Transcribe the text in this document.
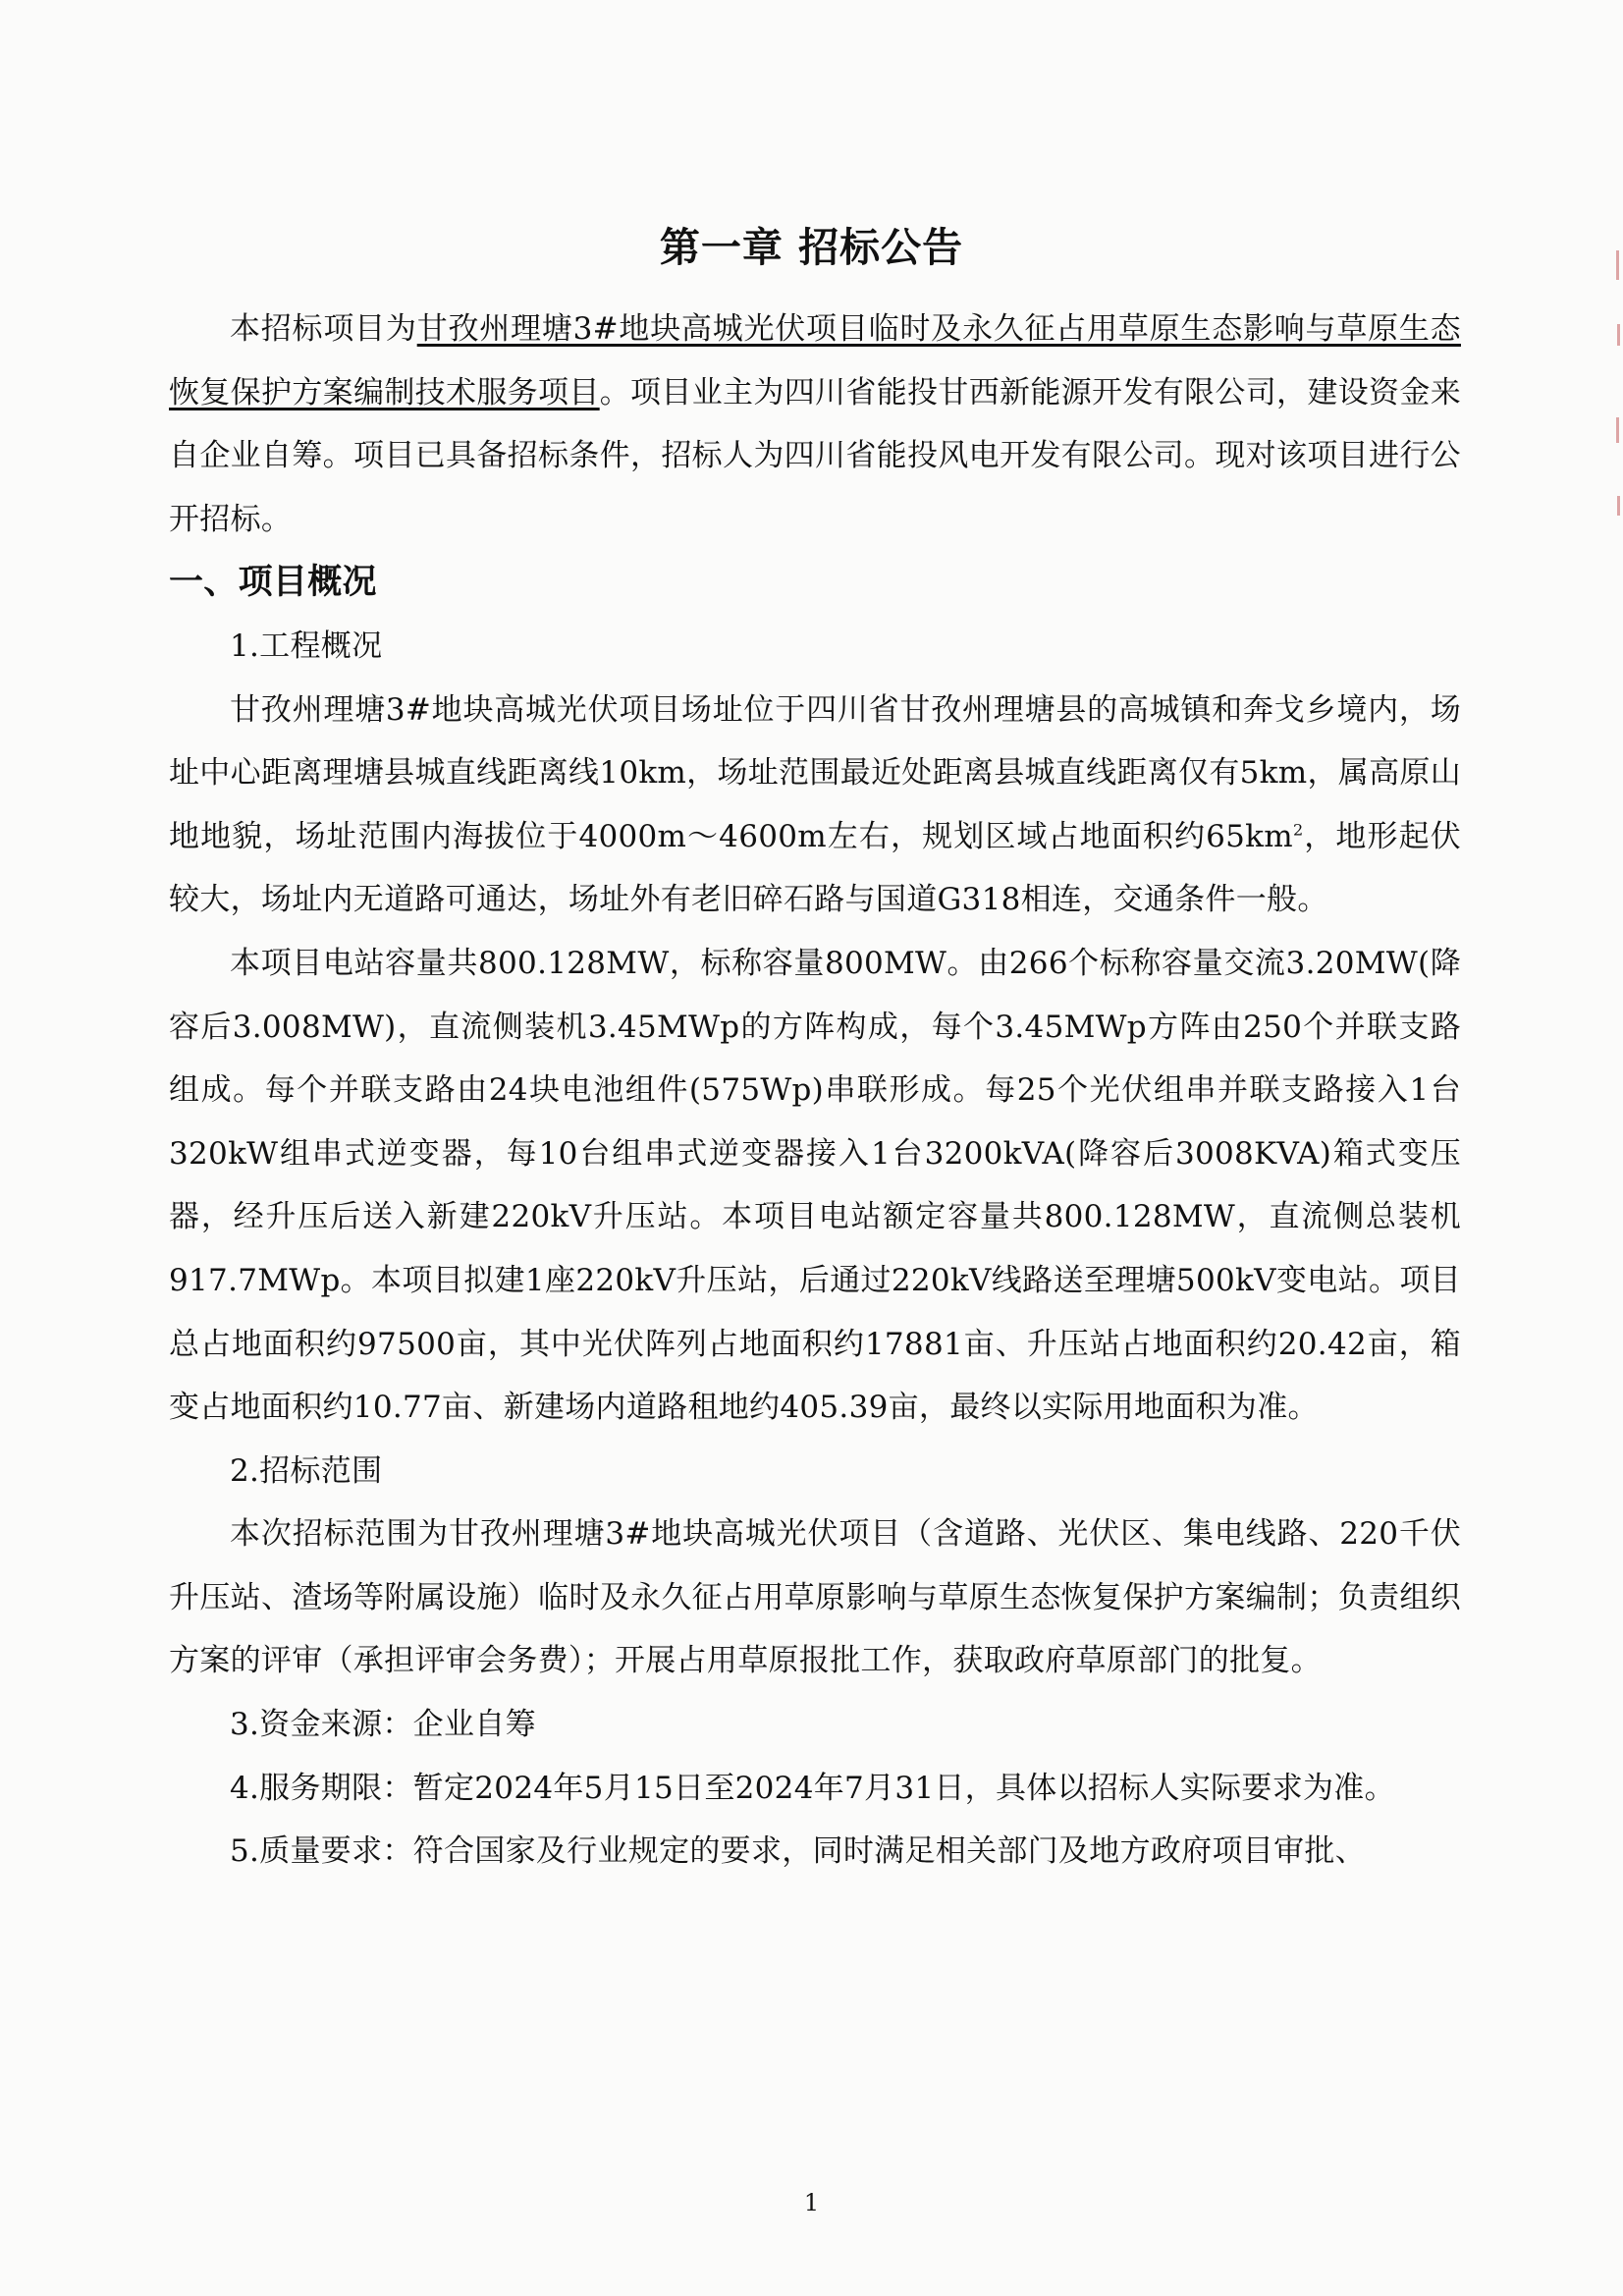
第一章 招标公告

本招标项目为甘孜州理塘3#地块高城光伏项目临时及永久征占用草原生态影响与草原生态恢复保护方案编制技术服务项目。项目业主为四川省能投甘西新能源开发有限公司，建设资金来自企业自筹。项目已具备招标条件，招标人为四川省能投风电开发有限公司。现对该项目进行公开招标。

一、项目概况

1.工程概况

甘孜州理塘3#地块高城光伏项目场址位于四川省甘孜州理塘县的高城镇和奔戈乡境内，场址中心距离理塘县城直线距离线10km，场址范围最近处距离县城直线距离仅有5km，属高原山地地貌，场址范围内海拔位于4000m～4600m左右，规划区域占地面积约$65km^2$，地形起伏较大，场址内无道路可通达，场址外有老旧碎石路与国道G318相连，交通条件一般。

本项目电站容量共800.128MW，标称容量800MW。由266个标称容量交流3.20MW(降容后3.008MW)，直流侧装机3.45MWp的方阵构成，每个3.45MWp方阵由250个并联支路组成。每个并联支路由24块电池组件(575Wp)串联形成。每25个光伏组串并联支路接入1台320kW组串式逆变器，每10台组串式逆变器接入1台3200kVA(降容后3008KVA)箱式变压器，经升压后送入新建220kV升压站。本项目电站额定容量共800.128MW，直流侧总装机917.7MWp。本项目拟建1座220kV升压站，后通过220kV线路送至理塘500kV变电站。项目总占地面积约97500亩，其中光伏阵列占地面积约17881亩、升压站占地面积约20.42亩，箱变占地面积约10.77亩、新建场内道路租地约405.39亩，最终以实际用地面积为准。

2.招标范围

本次招标范围为甘孜州理塘3#地块高城光伏项目（含道路、光伏区、集电线路、220千伏升压站、渣场等附属设施）临时及永久征占用草原影响与草原生态恢复保护方案编制；负责组织方案的评审（承担评审会务费）；开展占用草原报批工作，获取政府草原部门的批复。

3.资金来源：企业自筹

4.服务期限：暂定2024年5月15日至2024年7月31日，具体以招标人实际要求为准。

5.质量要求：符合国家及行业规定的要求，同时满足相关部门及地方政府项目审批、

1
